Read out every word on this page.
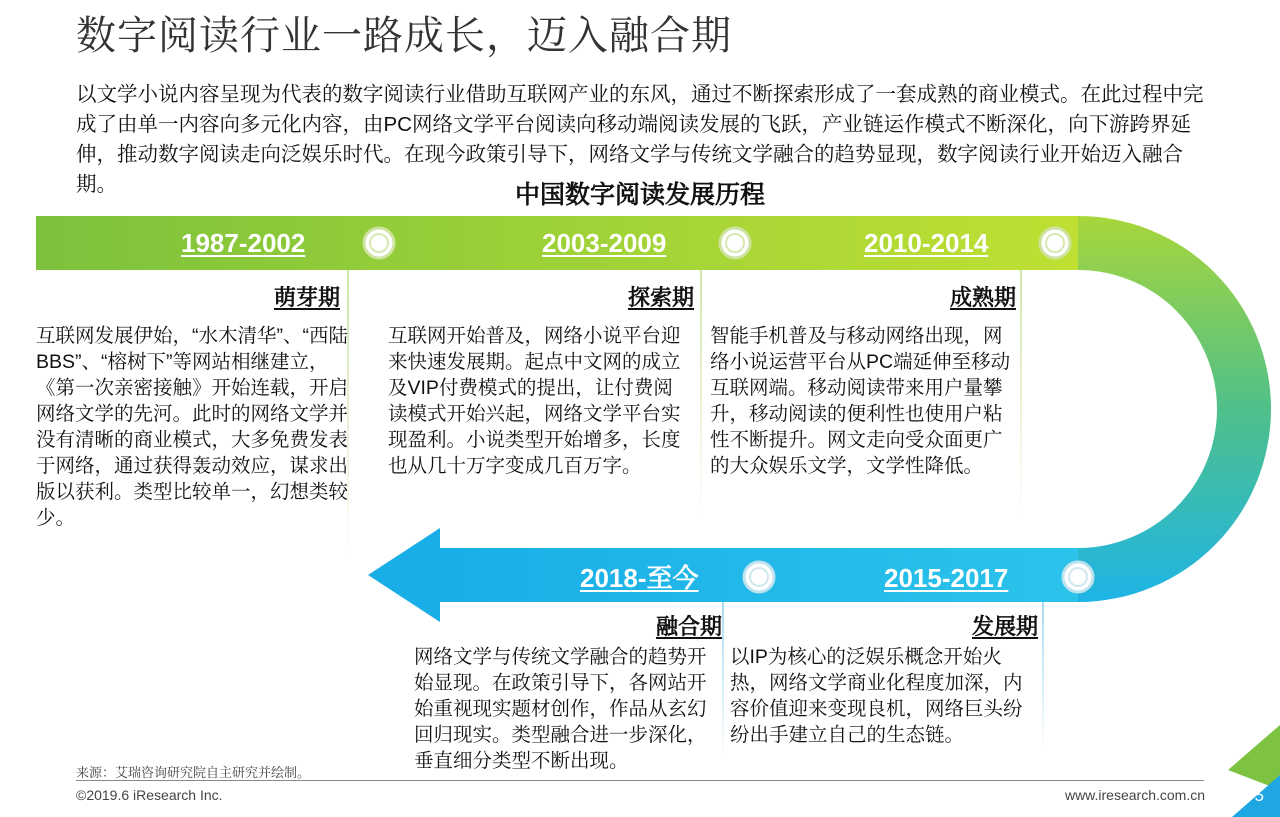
数字阅读行业一路成长，迈入融合期
以文学小说内容呈现为代表的数字阅读行业借助互联网产业的东风，通过不断探索形成了一套成熟的商业模式。在此过程中完成了由单一内容向多元化内容，由PC网络文学平台阅读向移动端阅读发展的飞跃，产业链运作模式不断深化，向下游跨界延伸，推动数字阅读走向泛娱乐时代。在现今政策引导下，网络文学与传统文学融合的趋势显现，数字阅读行业开始迈入融合期。	中国数字阅读发展历程
1987-2002
萌芽期
互联网发展伊始，“水木清华”、“西陆BBS”、“榕树下”等网站相继建立，《第一次亲密接触》开始连载，开启网络文学的先河。此时的网络文学并没有清晰的商业模式，大多免费发表于网络，通过获得轰动效应，谋求出版以获利。类型比较单一，幻想类较少。
2003-2009
探索期
互联网开始普及，网络小说平台迎来快速发展期。起点中文网的成立及VIP付费模式的提出，让付费阅读模式开始兴起，网络文学平台实现盈利。小说类型开始增多，长度也从几十万字变成几百万字。
2010-2014
成熟期
智能手机普及与移动网络出现，网络小说运营平台从PC端延伸至移动互联网端。移动阅读带来用户量攀升，移动阅读的便利性也使用户粘性不断提升。网文走向受众面更广的大众娱乐文学，文学性降低。
2015-2017
发展期
以IP为核心的泛娱乐概念开始火热，网络文学商业化程度加深，内容价值迎来变现良机，网络巨头纷纷出手建立自己的生态链。
2018-至今
融合期
网络文学与传统文学融合的趋势开始显现。在政策引导下，各网站开始重视现实题材创作，作品从玄幻回归现实。类型融合进一步深化，垂直细分类型不断出现。
来源：艾瑞咨询研究院自主研究并绘制。
©2019.6 iResearch Inc.	www.iresearch.com.cn	5
